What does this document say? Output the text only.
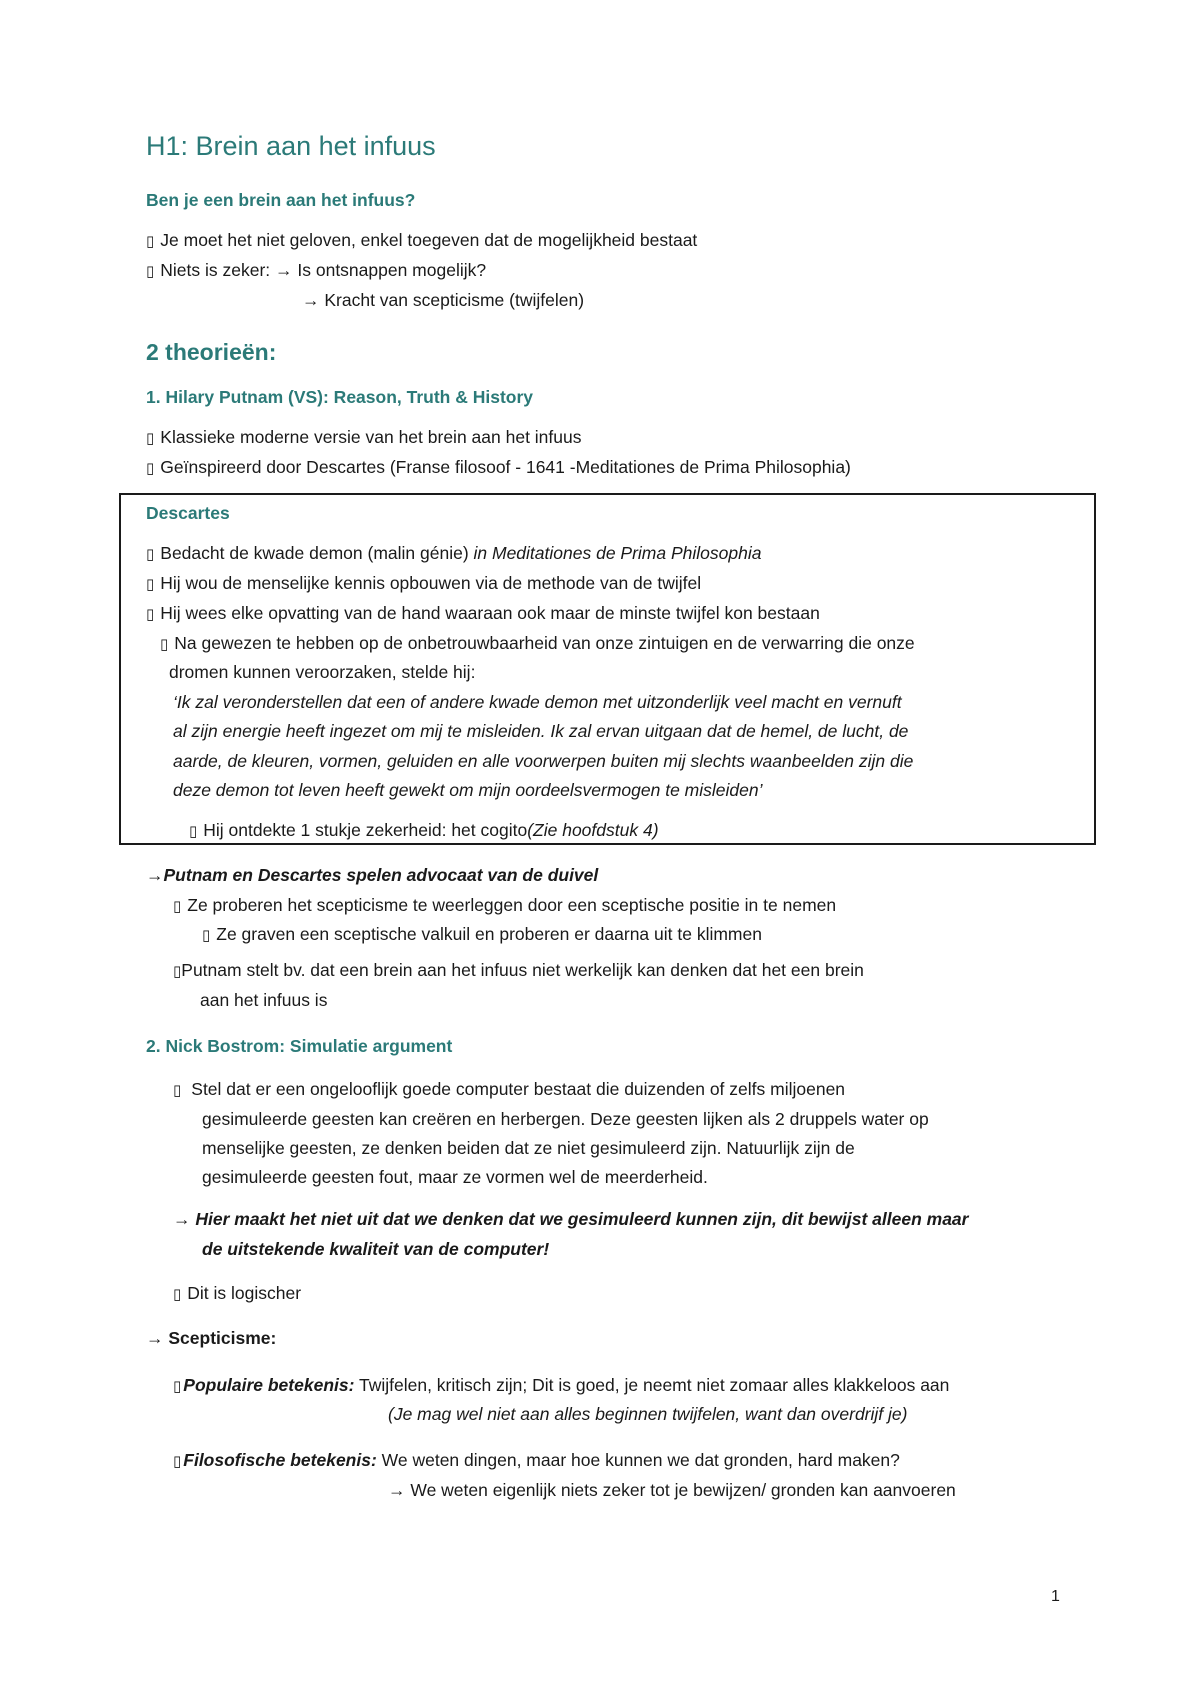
H1: Brein aan het infuus
Ben je een brein aan het infuus?
▯ Je moet het niet geloven, enkel toegeven dat de mogelijkheid bestaat
▯ Niets is zeker: → Is ontsnappen mogelijk?
→ Kracht van scepticisme (twijfelen)
2 theorieën:
1. Hilary Putnam (VS): Reason, Truth & History
▯ Klassieke moderne versie van het brein aan het infuus
▯ Geïnspireerd door Descartes (Franse filosoof - 1641 -Meditationes de Prima Philosophia)
Descartes
▯ Bedacht de kwade demon (malin génie) in Meditationes de Prima Philosophia
▯ Hij wou de menselijke kennis opbouwen via de methode van de twijfel
▯ Hij wees elke opvatting van de hand waaraan ook maar de minste twijfel kon bestaan
▯ Na gewezen te hebben op de onbetrouwbaarheid van onze zintuigen en de verwarring die onze
dromen kunnen veroorzaken, stelde hij:
‘Ik zal veronderstellen dat een of andere kwade demon met uitzonderlijk veel macht en vernuft
al zijn energie heeft ingezet om mij te misleiden. Ik zal ervan uitgaan dat de hemel, de lucht, de
aarde, de kleuren, vormen, geluiden en alle voorwerpen buiten mij slechts waanbeelden zijn die
deze demon tot leven heeft gewekt om mijn oordeelsvermogen te misleiden’
▯ Hij ontdekte 1 stukje zekerheid: het cogito(Zie hoofdstuk 4)
→Putnam en Descartes spelen advocaat van de duivel
▯ Ze proberen het scepticisme te weerleggen door een sceptische positie in te nemen
▯ Ze graven een sceptische valkuil en proberen er daarna uit te klimmen
▯Putnam stelt bv. dat een brein aan het infuus niet werkelijk kan denken dat het een brein
aan het infuus is
2. Nick Bostrom: Simulatie argument
▯ Stel dat er een ongelooflijk goede computer bestaat die duizenden of zelfs miljoenen
gesimuleerde geesten kan creëren en herbergen. Deze geesten lijken als 2 druppels water op
menselijke geesten, ze denken beiden dat ze niet gesimuleerd zijn. Natuurlijk zijn de
gesimuleerde geesten fout, maar ze vormen wel de meerderheid.
→ Hier maakt het niet uit dat we denken dat we gesimuleerd kunnen zijn, dit bewijst alleen maar
de uitstekende kwaliteit van de computer!
▯ Dit is logischer
→ Scepticisme:
▯ Populaire betekenis: Twijfelen, kritisch zijn; Dit is goed, je neemt niet zomaar alles klakkeloos aan
(Je mag wel niet aan alles beginnen twijfelen, want dan overdrijf je)
▯ Filosofische betekenis: We weten dingen, maar hoe kunnen we dat gronden, hard maken?
→ We weten eigenlijk niets zeker tot je bewijzen/ gronden kan aanvoeren
1
